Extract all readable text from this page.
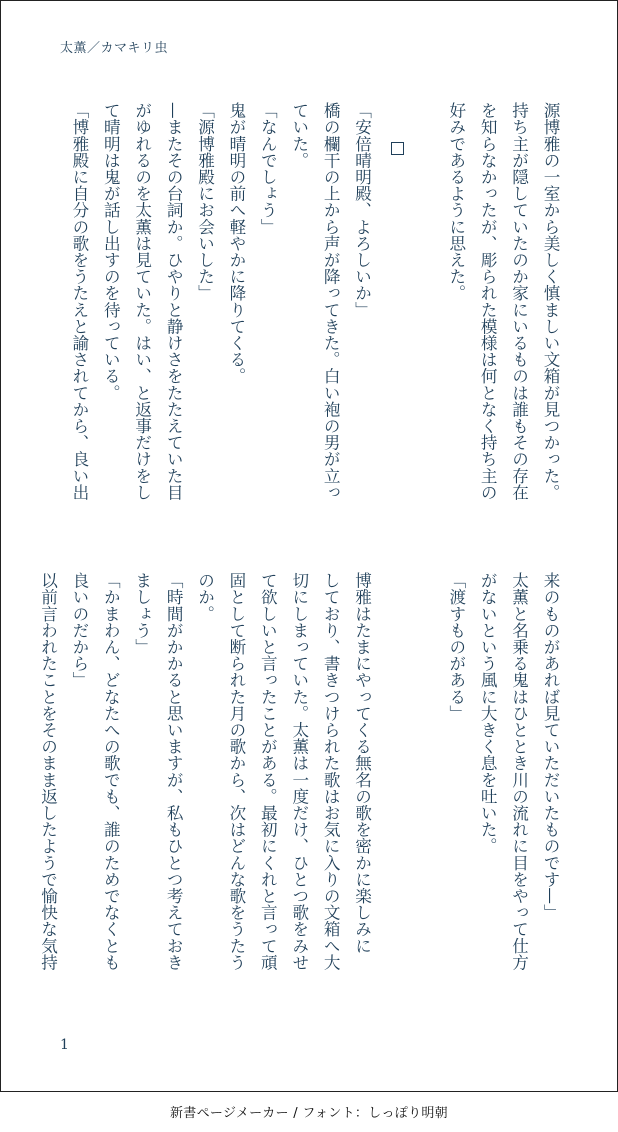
太薫／カマキリ虫
源博雅の一室から美しく慎ましい文箱が見つかった。
持ち主が隠していたのか家にいるものは誰もその存在
を知らなかったが、彫られた模様は何となく持ち主の
好みであるように思えた。

「安倍晴明殿、よろしいか」
橋の欄干の上から声が降ってきた。白い袍の男が立っ
ていた。
「なんでしょう」
鬼が晴明の前へ軽やかに降りてくる。
「源博雅殿にお会いした」
—またその台詞か。ひやりと静けさをたたえていた目
がゆれるのを太薫は見ていた。はい、と返事だけをし
て晴明は鬼が話し出すのを待っている。
「博雅殿に自分の歌をうたえと諭されてから、良い出
来のものがあれば見ていただいたものです—」
太薫と名乗る鬼はひととき川の流れに目をやって仕方
がないという風に大きく息を吐いた。
「渡すものがある」

博雅はたまにやってくる無名の歌を密かに楽しみに
しており、書きつけられた歌はお気に入りの文箱へ大
切にしまっていた。太薫は一度だけ、ひとつ歌をみせ
て欲しいと言ったことがある。最初にくれと言って頑
固として断られた月の歌から、次はどんな歌をうたう
のか。
「時間がかかると思いますが、私もひとつ考えておき
ましょう」
「かまわん、どなたへの歌でも、誰のためでなくとも
良いのだから」
以前言われたことをそのまま返したようで愉快な気持
1
新書ページメーカー / フォント：しっぽり明朝
